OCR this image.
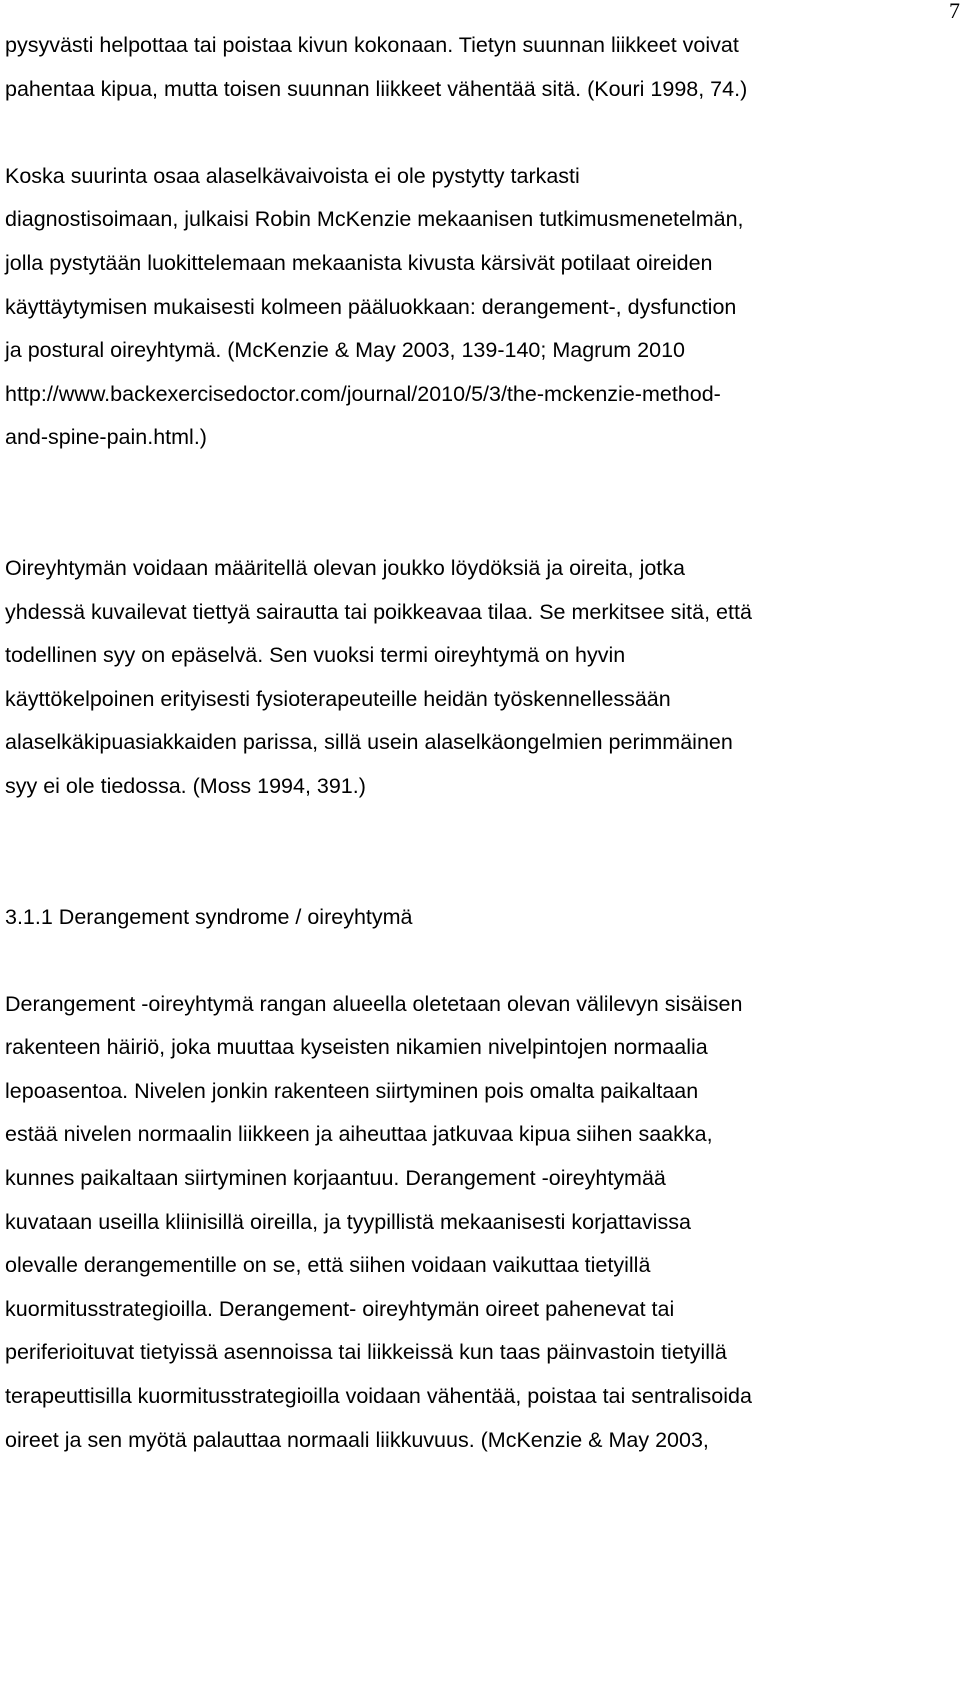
7

pysyvästi helpottaa tai poistaa kivun kokonaan. Tietyn suunnan liikkeet voivat
pahentaa kipua, mutta toisen suunnan liikkeet vähentää sitä. (Kouri 1998, 74.)

Koska suurinta osaa alaselkävaivoista ei ole pystytty tarkasti
diagnostisoimaan, julkaisi Robin McKenzie mekaanisen tutkimusmenetelmän,
jolla pystytään luokittelemaan mekaanista kivusta kärsivät potilaat oireiden
käyttäytymisen mukaisesti kolmeen pääluokkaan: derangement-, dysfunction
ja postural oireyhtymä. (McKenzie & May 2003, 139-140; Magrum 2010
http://www.backexercisedoctor.com/journal/2010/5/3/the-mckenzie-method-
and-spine-pain.html.)

Oireyhtymän voidaan määritellä olevan joukko löydöksiä ja oireita, jotka
yhdessä kuvailevat tiettyä sairautta tai poikkeavaa tilaa. Se merkitsee sitä, että
todellinen syy on epäselvä. Sen vuoksi termi oireyhtymä on hyvin
käyttökelpoinen erityisesti fysioterapeuteille heidän työskennellessään
alaselkäkipuasiakkaiden parissa, sillä usein alaselkäongelmien perimmäinen
syy ei ole tiedossa. (Moss 1994, 391.)

3.1.1 Derangement syndrome / oireyhtymä

Derangement -oireyhtymä rangan alueella oletetaan olevan välilevyn sisäisen
rakenteen häiriö, joka muuttaa kyseisten nikamien nivelpintojen normaalia
lepoasentoa. Nivelen jonkin rakenteen siirtyminen pois omalta paikaltaan
estää nivelen normaalin liikkeen ja aiheuttaa jatkuvaa kipua siihen saakka,
kunnes paikaltaan siirtyminen korjaantuu. Derangement -oireyhtymää
kuvataan useilla kliinisillä oireilla, ja tyypillistä mekaanisesti korjattavissa
olevalle derangementille on se, että siihen voidaan vaikuttaa tietyillä
kuormitusstrategioilla. Derangement- oireyhtymän oireet pahenevat tai
periferioituvat tietyissä asennoissa tai liikkeissä kun taas päinvastoin tietyillä
terapeuttisilla kuormitusstrategioilla voidaan vähentää, poistaa tai sentralisoida
oireet ja sen myötä palauttaa normaali liikkuvuus. (McKenzie & May 2003,
